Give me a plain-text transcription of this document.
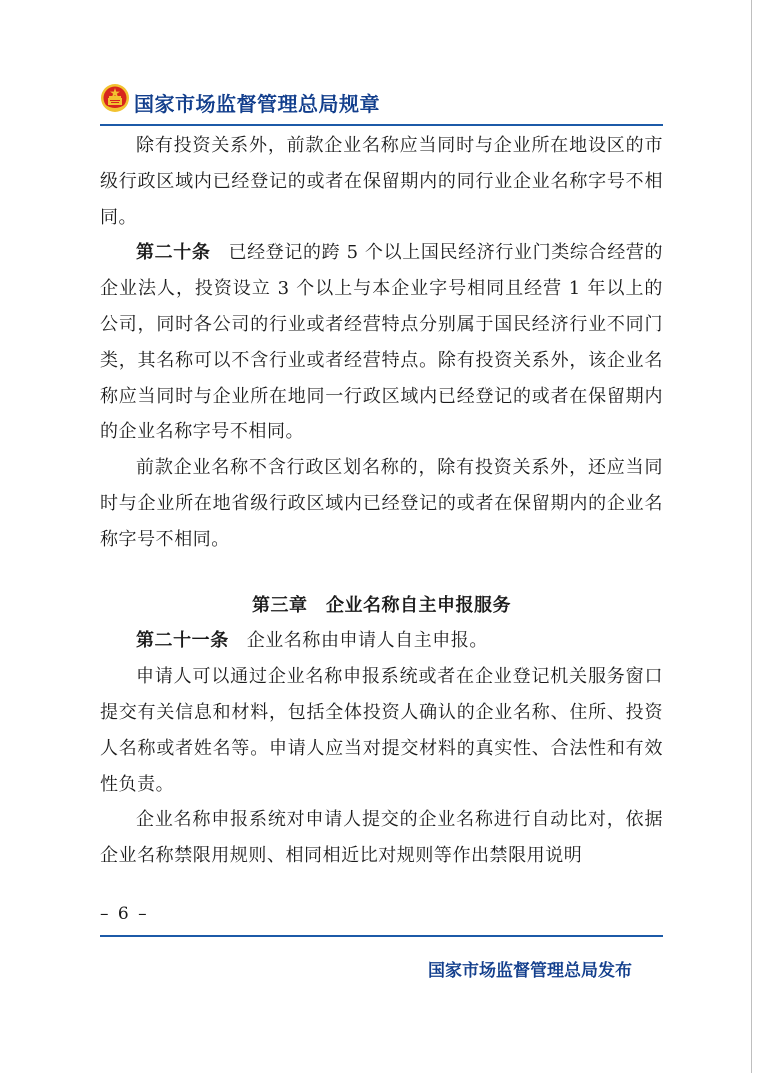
国家市场监督管理总局规章

除有投资关系外，前款企业名称应当同时与企业所在地设区的市级行政区域内已经登记的或者在保留期内的同行业企业名称字号不相同。

第二十条 已经登记的跨 5 个以上国民经济行业门类综合经营的企业法人，投资设立 3 个以上与本企业字号相同且经营 1 年以上的公司，同时各公司的行业或者经营特点分别属于国民经济行业不同门类，其名称可以不含行业或者经营特点。除有投资关系外，该企业名称应当同时与企业所在地同一行政区域内已经登记的或者在保留期内的企业名称字号不相同。

前款企业名称不含行政区划名称的，除有投资关系外，还应当同时与企业所在地省级行政区域内已经登记的或者在保留期内的企业名称字号不相同。

第三章　企业名称自主申报服务

第二十一条 企业名称由申请人自主申报。

申请人可以通过企业名称申报系统或者在企业登记机关服务窗口提交有关信息和材料，包括全体投资人确认的企业名称、住所、投资人名称或者姓名等。申请人应当对提交材料的真实性、合法性和有效性负责。

企业名称申报系统对申请人提交的企业名称进行自动比对，依据企业名称禁限用规则、相同相近比对规则等作出禁限用说明

– 6 –
国家市场监督管理总局发布
